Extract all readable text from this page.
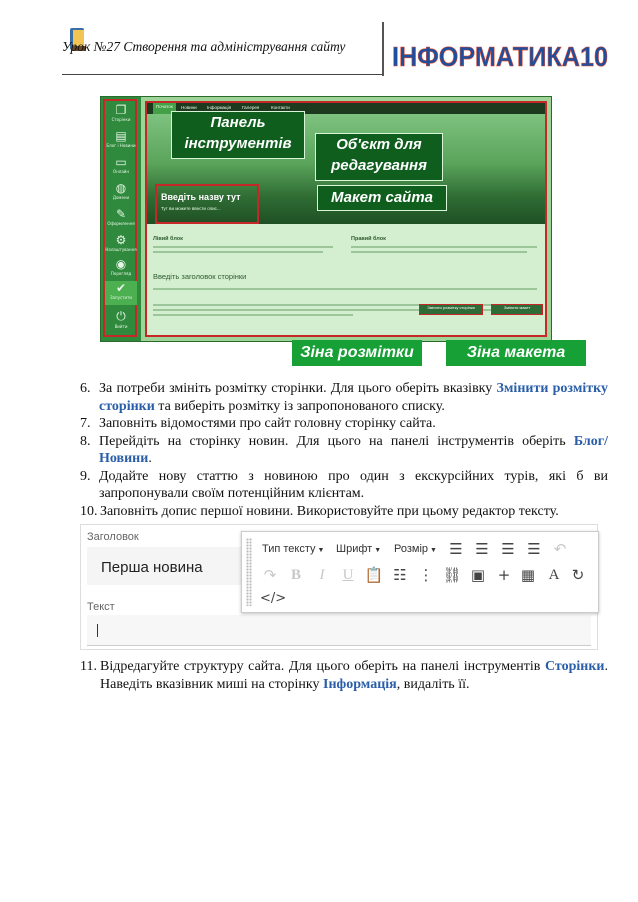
Урок №27 Створення та адміністрування сайту	ІНФОРМАТИКА10
❐
Сторінки
▤
Блог і Новини
▭
Онлайн
◍
Домени
✎
Оформлення
⚙
Налаштування
◉
Перегляд
✔
Запустити
⏻
Вийти
Початок	Новини Інформація Галерея	Контакти
Введіть назву тут
Тут ви можете ввести опис...
Лівий блок	Правий блок
Введіть заголовок сторінки
Змінити розмітку сторінки	Змінити макет
Панель інструментів	Об'єкт для редагування
Макет сайта
Зіна розмітки	Зіна макета
6. За потреби змініть розмітку сторінки. Для цього оберіть вказівку Змінити розмітку сторінки та виберіть розмітку із запропонованого списку.
7. Заповніть відомостями про сайт головну сторінку сайта.
8. Перейдіть на сторінку новин. Для цього на панелі інструментів оберіть Блог/Новини.
9. Додайте нову статтю з новиною про один з екскурсійних турів, які б ви запропонували своїм потенційним клієнтам.
10. Заповніть допис першої новини. Використовуйте при цьому редактор тексту.
Заголовок
Перша новина
Текст
Тип тексту ▼ Шрифт ▼ Розмір ▼ ☰ ☰ ☰ ☰ ↶
↷ B	I	U 📋 ☷ ⋮ ⛓ ▣ + ▦ A ↻
</>
11. Відредагуйте структуру сайта. Для цього оберіть на панелі інструментів Сторінки. Наведіть вказівник миші на сторінку Інформація, видаліть її.
